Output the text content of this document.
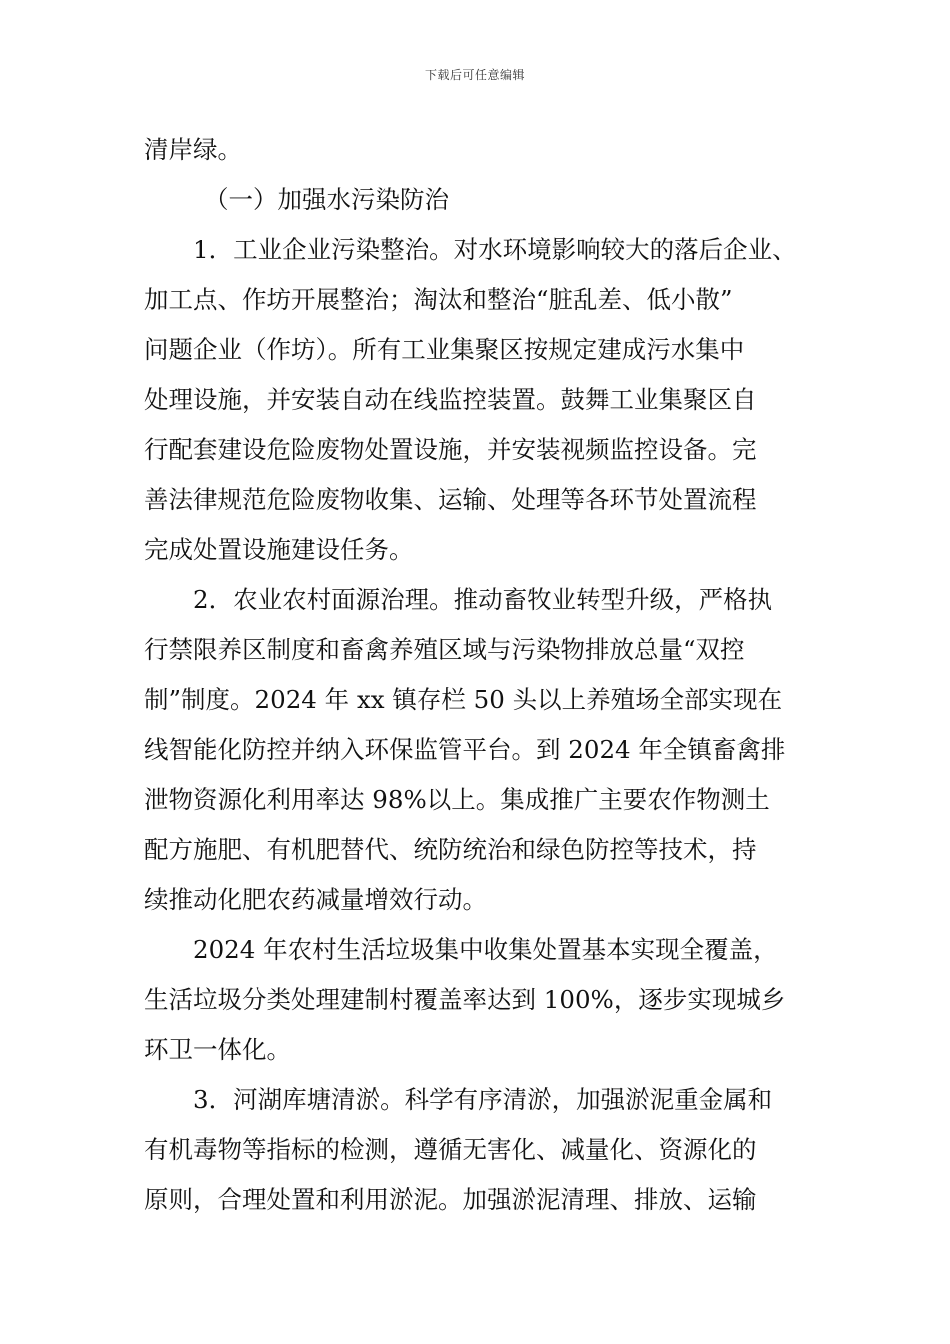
下载后可任意编辑
清岸绿。
（一）加强水污染防治
1．工业企业污染整治。对水环境影响较大的落后企业、
加工点、作坊开展整治；淘汰和整治“脏乱差、低小散”
问题企业（作坊）。所有工业集聚区按规定建成污水集中
处理设施，并安装自动在线监控装置。鼓舞工业集聚区自
行配套建设危险废物处置设施，并安装视频监控设备。完
善法律规范危险废物收集、运输、处理等各环节处置流程
完成处置设施建设任务。
2．农业农村面源治理。推动畜牧业转型升级，严格执
行禁限养区制度和畜禽养殖区域与污染物排放总量“双控
制”制度。2024 年 xx 镇存栏 50 头以上养殖场全部实现在
线智能化防控并纳入环保监管平台。到 2024 年全镇畜禽排
泄物资源化利用率达 98%以上。集成推广主要农作物测土
配方施肥、有机肥替代、统防统治和绿色防控等技术，持
续推动化肥农药减量增效行动。
2024 年农村生活垃圾集中收集处置基本实现全覆盖，
生活垃圾分类处理建制村覆盖率达到 100%，逐步实现城乡
环卫一体化。
3．河湖库塘清淤。科学有序清淤，加强淤泥重金属和
有机毒物等指标的检测，遵循无害化、减量化、资源化的
原则，合理处置和利用淤泥。加强淤泥清理、排放、运输
